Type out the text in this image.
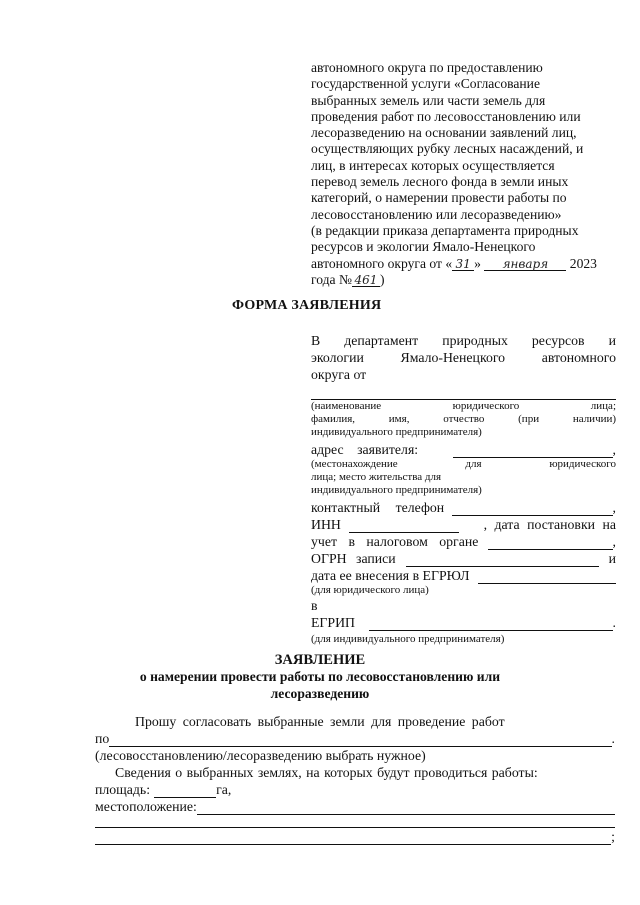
автономного округа по предоставлению
государственной услуги «Согласование
выбранных земель или части земель для
проведения работ по лесовосстановлению или
лесоразведению на основании заявлений лиц,
осуществляющих рубку лесных насаждений, и
лиц, в интересах которых осуществляется
перевод земель лесного фонда в земли иных
категорий, о намерении провести работы по
лесовосстановлению или лесоразведению»
(в редакции приказа департамента природных
ресурсов и экологии Ямало-Ненецкого
автономного округа от « 31 » января 2023
года № 461 )
ФОРМА ЗАЯВЛЕНИЯ
В департамент природных ресурсов и
экологии	Ямало-Ненецкого	автономного
округа от
(наименование	юридического	лица;
фамилия,	имя,	отчество	(при	наличии)
индивидуального предпринимателя)
адрес заявителя:	,
(местонахождение	для	юридического
лица; место жительства для
индивидуального предпринимателя)
контактный телефон	,
ИНН	, дата постановки на
учет в налоговом органе	,
ОГРН записи	и
дата ее внесения в ЕГРЮЛ
(для юридического лица)
в ЕГРИП	.
(для индивидуального предпринимателя)
ЗАЯВЛЕНИЕ
о намерении провести работы по лесовосстановлению или
лесоразведению
Прошу согласовать выбранные земли для проведение работ
по	.
(лесовосстановлению/лесоразведению выбрать нужное)
Сведения о выбранных землях, на которых будут проводиться работы:
площадь:	га,
местоположение:
;
